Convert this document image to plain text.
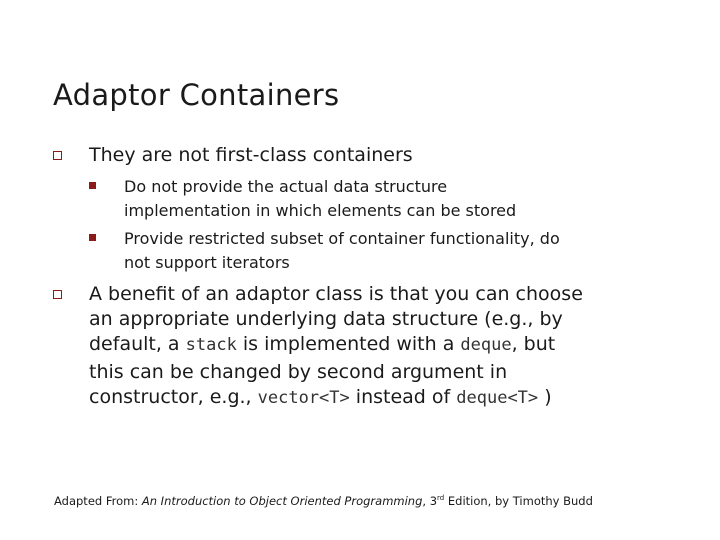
Adaptor Containers
They are not first-class containers
Do not provide the actual data structure
implementation in which elements can be stored
Provide restricted subset of container functionality, do
not support iterators
A benefit of an adaptor class is that you can choose
an appropriate underlying data structure (e.g., by
default, a stack is implemented with a deque, but
this can be changed by second argument in
constructor, e.g., vector<T> instead of deque<T> )
Adapted From: An Introduction to Object Oriented Programming, 3rd Edition, by Timothy Budd
